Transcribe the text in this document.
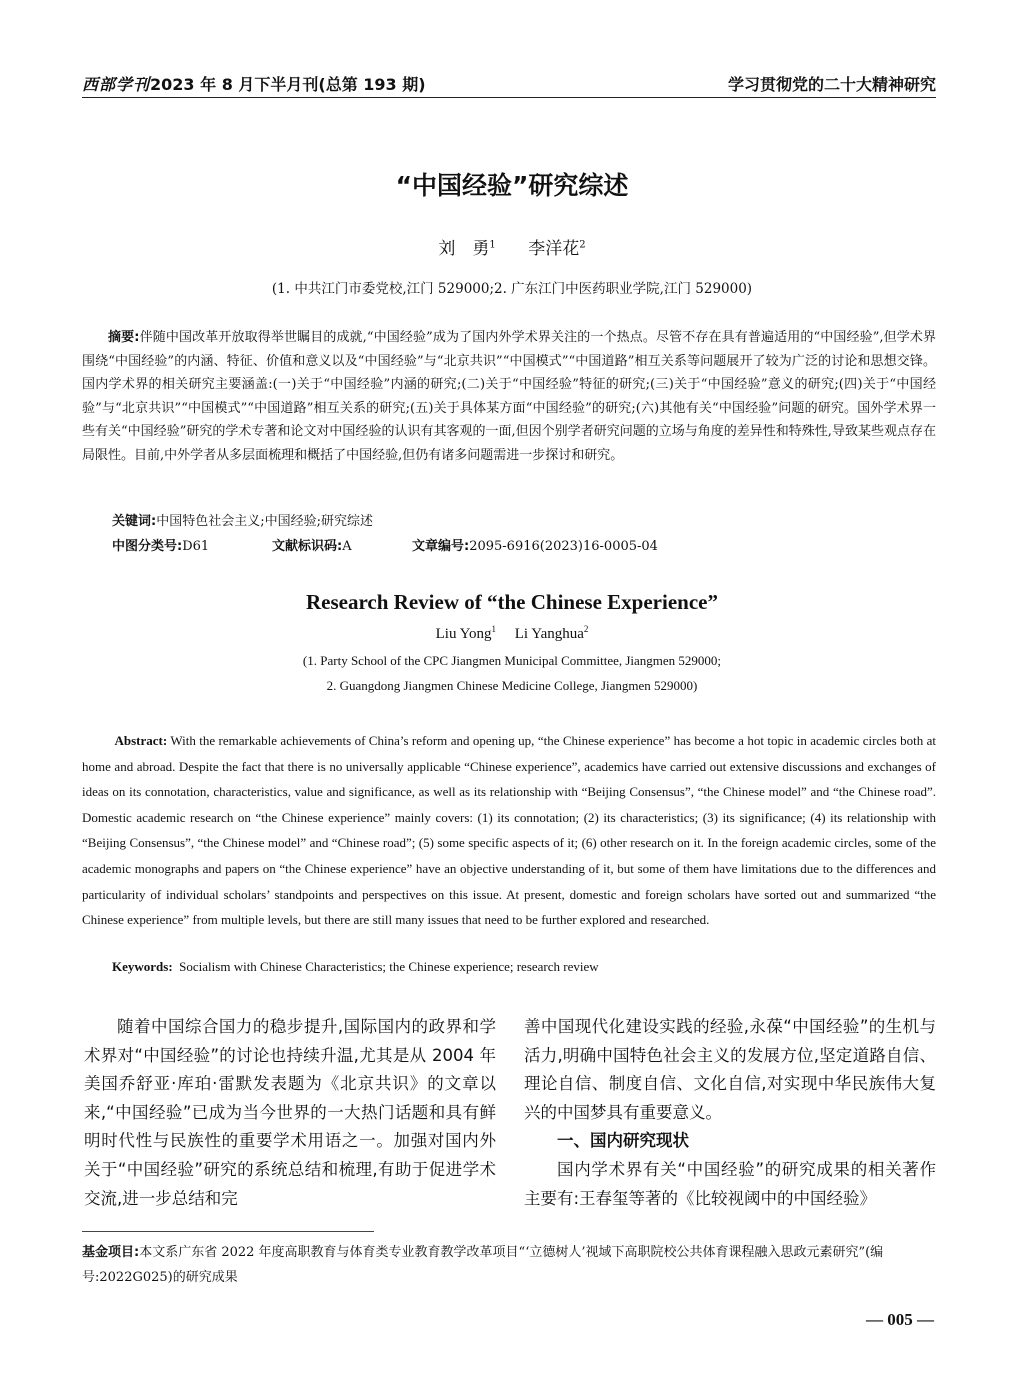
西部学刊2023 年 8 月下半月刊(总第 193 期)	学习贯彻党的二十大精神研究
“中国经验”研究综述
刘　勇$^1$ 李洋花$^2$
(1. 中共江门市委党校,江门 529000;2. 广东江门中医药职业学院,江门 529000)
摘要:伴随中国改革开放取得举世瞩目的成就,“中国经验”成为了国内外学术界关注的一个热点。尽管不存在具有普遍适用的“中国经验”,但学术界围绕“中国经验”的内涵、特征、价值和意义以及“中国经验”与“北京共识”“中国模式”“中国道路”相互关系等问题展开了较为广泛的讨论和思想交锋。国内学术界的相关研究主要涵盖:(一)关于“中国经验”内涵的研究;(二)关于“中国经验”特征的研究;(三)关于“中国经验”意义的研究;(四)关于“中国经验”与“北京共识”“中国模式”“中国道路”相互关系的研究;(五)关于具体某方面“中国经验”的研究;(六)其他有关“中国经验”问题的研究。国外学术界一些有关“中国经验”研究的学术专著和论文对中国经验的认识有其客观的一面,但因个别学者研究问题的立场与角度的差异性和特殊性,导致某些观点存在局限性。目前,中外学者从多层面梳理和概括了中国经验,但仍有诸多问题需进一步探讨和研究。
关键词:中国特色社会主义;中国经验;研究综述
中图分类号:D61	文献标识码:A	文章编号:2095-6916(2023)16-0005-04
Research Review of “the Chinese Experience”
Liu Yong$^1$ Li Yanghua$^2$
(1. Party School of the CPC Jiangmen Municipal Committee, Jiangmen 529000;
2. Guangdong Jiangmen Chinese Medicine College, Jiangmen 529000)
Abstract: With the remarkable achievements of China’s reform and opening up, “the Chinese experience” has become a hot topic in academic circles both at home and abroad. Despite the fact that there is no universally applicable “Chinese experience”, academics have carried out extensive discussions and exchanges of ideas on its connotation, characteristics, value and significance, as well as its relationship with “Beijing Consensus”, “the Chinese model” and “the Chinese road”. Domestic academic research on “the Chinese experience” mainly covers: (1) its connotation; (2) its characteristics; (3) its significance; (4) its relationship with “Beijing Consensus”, “the Chinese model” and “Chinese road”; (5) some specific aspects of it; (6) other research on it. In the foreign academic circles, some of the academic monographs and papers on “the Chinese experience” have an objective understanding of it, but some of them have limitations due to the differences and particularity of individual scholars’ standpoints and perspectives on this issue. At present, domestic and foreign scholars have sorted out and summarized “the Chinese experience” from multiple levels, but there are still many issues that need to be further explored and researched.
Keywords: Socialism with Chinese Characteristics; the Chinese experience; research review

随着中国综合国力的稳步提升,国际国内的政界和学术界对“中国经验”的讨论也持续升温,尤其是从 2004 年美国乔舒亚·库珀·雷默发表题为《北京共识》的文章以来,“中国经验”已成为当今世界的一大热门话题和具有鲜明时代性与民族性的重要学术用语之一。加强对国内外关于“中国经验”研究的系统总结和梳理,有助于促进学术交流,进一步总结和完

善中国现代化建设实践的经验,永葆“中国经验”的生机与活力,明确中国特色社会主义的发展方位,坚定道路自信、理论自信、制度自信、文化自信,对实现中华民族伟大复兴的中国梦具有重要意义。

一、国内研究现状

国内学术界有关“中国经验”的研究成果的相关著作主要有:王春玺等著的《比较视阈中的中国经验》

基金项目:本文系广东省 2022 年度高职教育与体育类专业教育教学改革项目“‘立德树人’视域下高职院校公共体育课程融入思政元素研究”(编号:2022G025)的研究成果
— 005 —
